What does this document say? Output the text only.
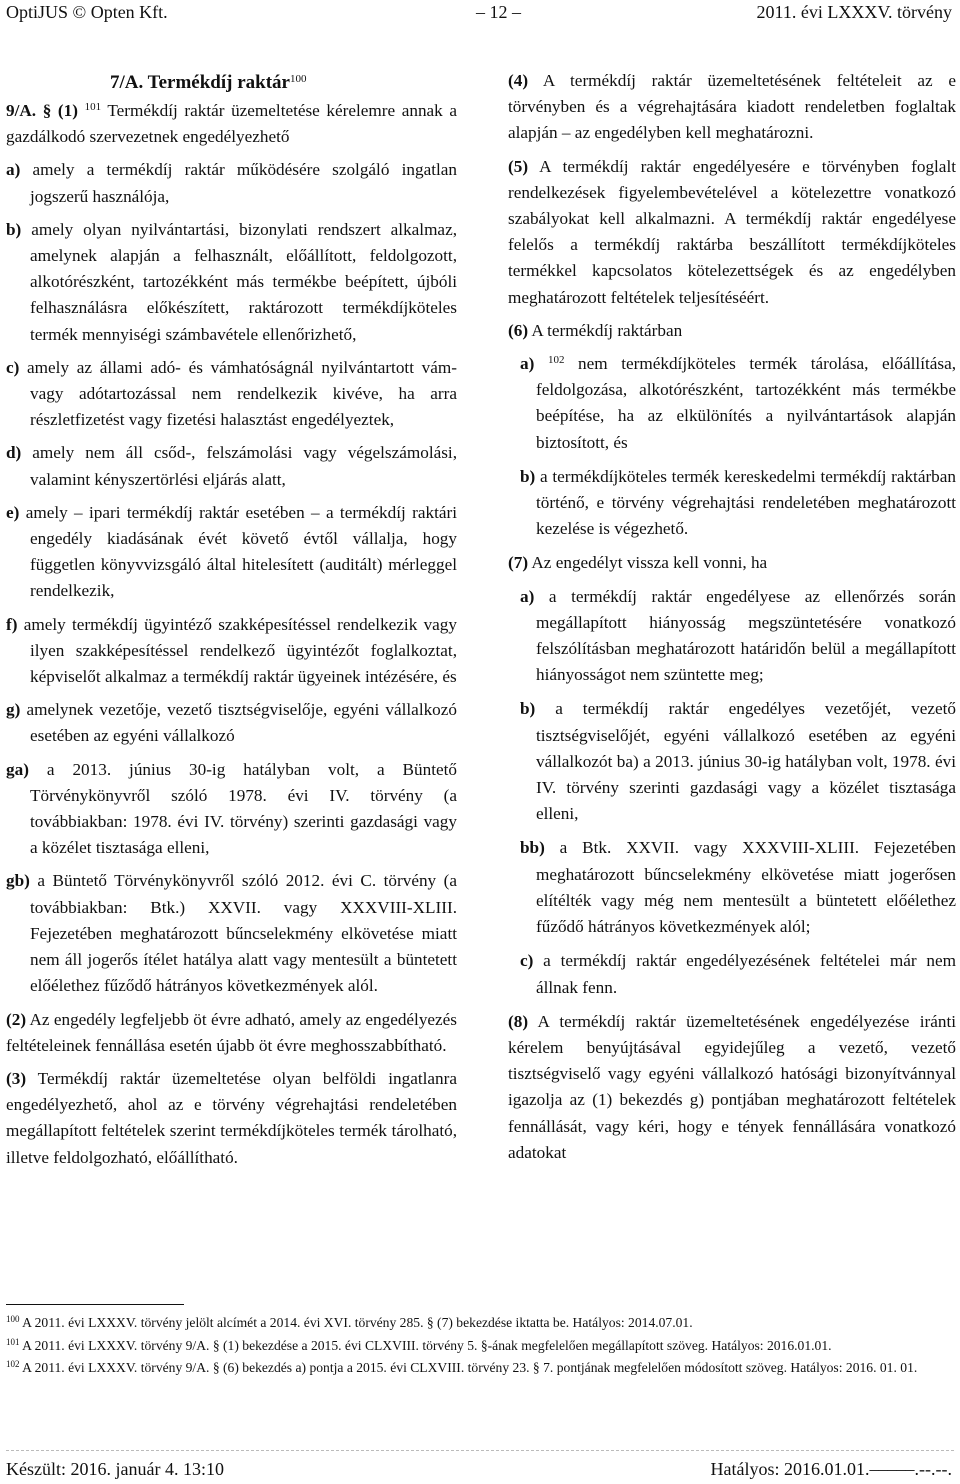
OptiJUS © Opten Kft.	– 12 –	2011. évi LXXXV. törvény
7/A. Termékdíj raktár$^{100}$
9/A. § (1) $^{101}$ Termékdíj raktár üzemeltetése kérelemre annak a gazdálkodó szervezetnek engedélyezhető
a) amely a termékdíj raktár működésére szolgáló ingatlan jogszerű használója,
b) amely olyan nyilvántartási, bizonylati rendszert alkalmaz, amelynek alapján a felhasznált, előállított, feldolgozott, alkotórészként, tartozékként más termékbe beépített, újbóli felhasználásra előkészített, raktározott termékdíjköteles termék mennyiségi számbavétele ellenőrizhető,
c) amely az állami adó- és vámhatóságnál nyilvántartott vám- vagy adótartozással nem rendelkezik kivéve, ha arra részletfizetést vagy fizetési halasztást engedélyeztek,
d) amely nem áll csőd-, felszámolási vagy végelszámolási, valamint kényszertörlési eljárás alatt,
e) amely – ipari termékdíj raktár esetében – a termékdíj raktári engedély kiadásának évét követő évtől vállalja, hogy független könyvvizsgáló által hitelesített (auditált) mérleggel rendelkezik,
f) amely termékdíj ügyintéző szakképesítéssel rendelkezik vagy ilyen szakképesítéssel rendelkező ügyintézőt foglalkoztat, képviselőt alkalmaz a termékdíj raktár ügyeinek intézésére, és
g) amelynek vezetője, vezető tisztségviselője, egyéni vállalkozó esetében az egyéni vállalkozó
ga) a 2013. június 30-ig hatályban volt, a Büntető Törvénykönyvről szóló 1978. évi IV. törvény (a továbbiakban: 1978. évi IV. törvény) szerinti gazdasági vagy a közélet tisztasága elleni,
gb) a Büntető Törvénykönyvről szóló 2012. évi C. törvény (a továbbiakban: Btk.) XXVII. vagy XXXVIII-XLIII. Fejezetében meghatározott bűncselekmény elkövetése miatt nem áll jogerős ítélet hatálya alatt vagy mentesült a büntetett előélethez fűződő hátrányos következmények alól.
(2) Az engedély legfeljebb öt évre adható, amely az engedélyezés feltételeinek fennállása esetén újabb öt évre meghosszabbítható.
(3) Termékdíj raktár üzemeltetése olyan belföldi ingatlanra engedélyezhető, ahol az e törvény végrehajtási rendeletében megállapított feltételek szerint termékdíjköteles termék tárolható, illetve feldolgozható, előállítható.
(4) A termékdíj raktár üzemeltetésének feltételeit az e törvényben és a végrehajtására kiadott rendeletben foglaltak alapján – az engedélyben kell meghatározni.
(5) A termékdíj raktár engedélyesére e törvényben foglalt rendelkezések figyelembevételével a kötelezettre vonatkozó szabályokat kell alkalmazni. A termékdíj raktár engedélyese felelős a termékdíj raktárba beszállított termékdíjköteles termékkel kapcsolatos kötelezettségek és az engedélyben meghatározott feltételek teljesítéséért.
(6) A termékdíj raktárban
a) $^{102}$ nem termékdíjköteles termék tárolása, előállítása, feldolgozása, alkotórészként, tartozékként más termékbe beépítése, ha az elkülönítés a nyilvántartások alapján biztosított, és
b) a termékdíjköteles termék kereskedelmi termékdíj raktárban történő, e törvény végrehajtási rendeletében meghatározott kezelése is végezhető.
(7) Az engedélyt vissza kell vonni, ha
a) a termékdíj raktár engedélyese az ellenőrzés során megállapított hiányosság megszüntetésére vonatkozó felszólításban meghatározott határidőn belül a megállapított hiányosságot nem szüntette meg;
b) a termékdíj raktár engedélyes vezetőjét, vezető tisztségviselőjét, egyéni vállalkozó esetében az egyéni vállalkozót ba) a 2013. június 30-ig hatályban volt, 1978. évi IV. törvény szerinti gazdasági vagy a közélet tisztasága elleni,
bb) a Btk. XXVII. vagy XXXVIII-XLIII. Fejezetében meghatározott bűncselekmény elkövetése miatt jogerősen elítélték vagy még nem mentesült a büntetett előélethez fűződő hátrányos következmények alól;
c) a termékdíj raktár engedélyezésének feltételei már nem állnak fenn.
(8) A termékdíj raktár üzemeltetésének engedélyezése iránti kérelem benyújtásával egyidejűleg a vezető, vezető tisztségviselő vagy egyéni vállalkozó hatósági bizonyítvánnyal igazolja az (1) bekezdés g) pontjában meghatározott feltételek fennállását, vagy kéri, hogy e tények fennállására vonatkozó adatokat

$^{100}$ A 2011. évi LXXXV. törvény jelölt alcímét a 2014. évi XVI. törvény 285. § (7) bekezdése iktatta be. Hatályos: 2014.07.01.

$^{101}$ A 2011. évi LXXXV. törvény 9/A. § (1) bekezdése a 2015. évi CLXVIII. törvény 5. §-ának megfelelően megállapított szöveg. Hatályos: 2016.01.01.

$^{102}$ A 2011. évi LXXXV. törvény 9/A. § (6) bekezdés a) pontja a 2015. évi CLXVIII. törvény 23. § 7. pontjának megfelelően módosított szöveg. Hatályos: 2016. 01. 01.

Készült: 2016. január 4. 13:10	Hatályos: 2016.01.01.–––––.--.--.
